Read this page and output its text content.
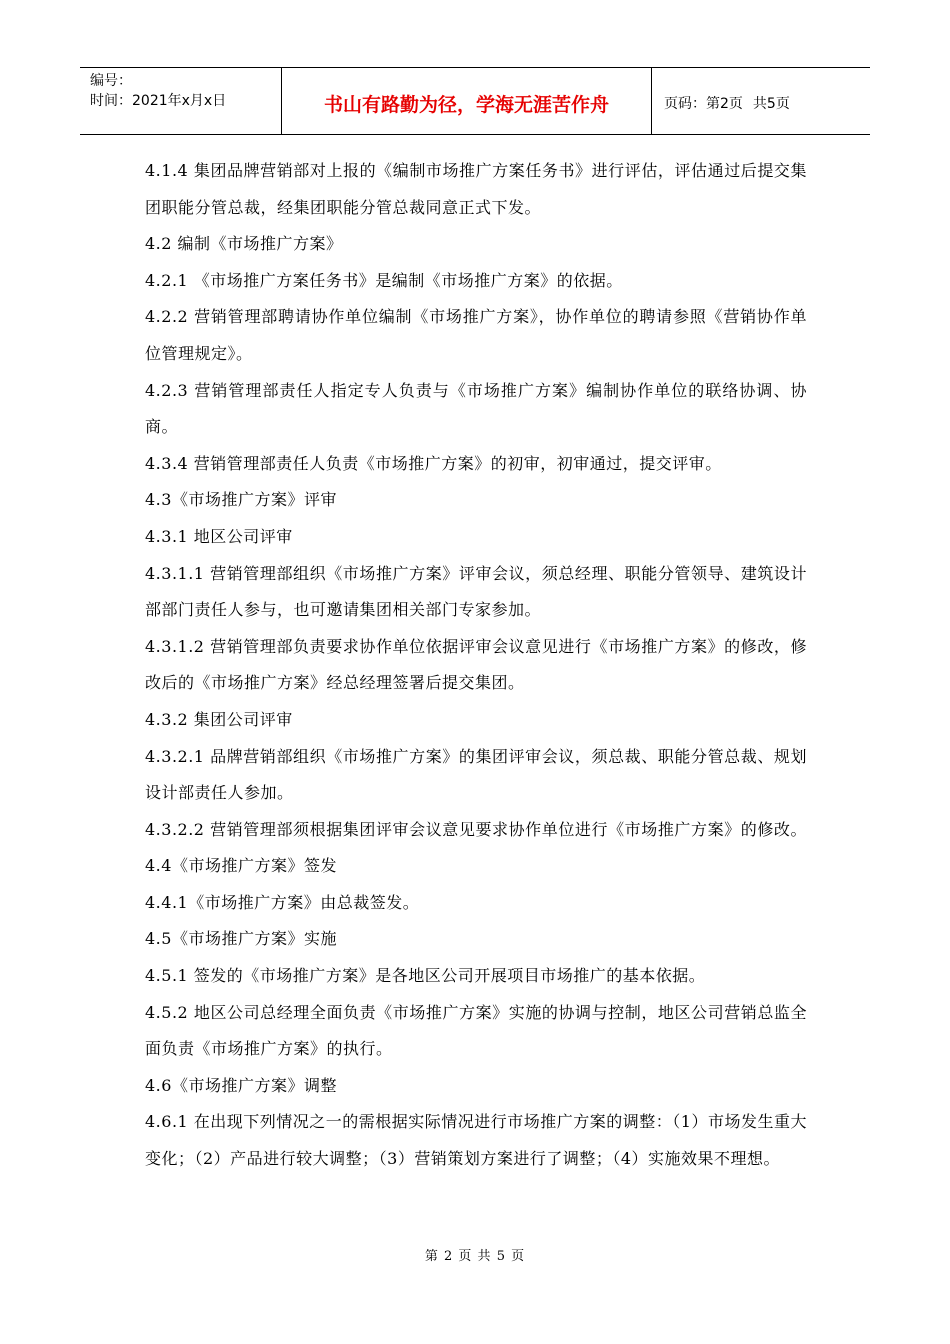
编号：
时间：2021年x月x日	书山有路勤为径，学海无涯苦作舟	页码：第2页 共5页

4.1.4 集团品牌营销部对上报的《编制市场推广方案任务书》进行评估，评估通过后提交集团职能分管总裁，经集团职能分管总裁同意正式下发。

4.2 编制《市场推广方案》

4.2.1 《市场推广方案任务书》是编制《市场推广方案》的依据。

4.2.2 营销管理部聘请协作单位编制《市场推广方案》，协作单位的聘请参照《营销协作单位管理规定》。

4.2.3 营销管理部责任人指定专人负责与《市场推广方案》编制协作单位的联络协调、协商。

4.3.4 营销管理部责任人负责《市场推广方案》的初审，初审通过，提交评审。

4.3《市场推广方案》评审

4.3.1 地区公司评审

4.3.1.1 营销管理部组织《市场推广方案》评审会议，须总经理、职能分管领导、建筑设计部部门责任人参与，也可邀请集团相关部门专家参加。

4.3.1.2 营销管理部负责要求协作单位依据评审会议意见进行《市场推广方案》的修改，修改后的《市场推广方案》经总经理签署后提交集团。

4.3.2 集团公司评审

4.3.2.1 品牌营销部组织《市场推广方案》的集团评审会议，须总裁、职能分管总裁、规划设计部责任人参加。

4.3.2.2 营销管理部须根据集团评审会议意见要求协作单位进行《市场推广方案》的修改。4.4《市场推广方案》签发

4.4.1《市场推广方案》由总裁签发。

4.5《市场推广方案》实施

4.5.1 签发的《市场推广方案》是各地区公司开展项目市场推广的基本依据。

4.5.2 地区公司总经理全面负责《市场推广方案》实施的协调与控制，地区公司营销总监全面负责《市场推广方案》的执行。

4.6《市场推广方案》调整

4.6.1 在出现下列情况之一的需根据实际情况进行市场推广方案的调整：（1）市场发生重大变化；（2）产品进行较大调整；（3）营销策划方案进行了调整；（4）实施效果不理想。

第 2 页 共 5 页
